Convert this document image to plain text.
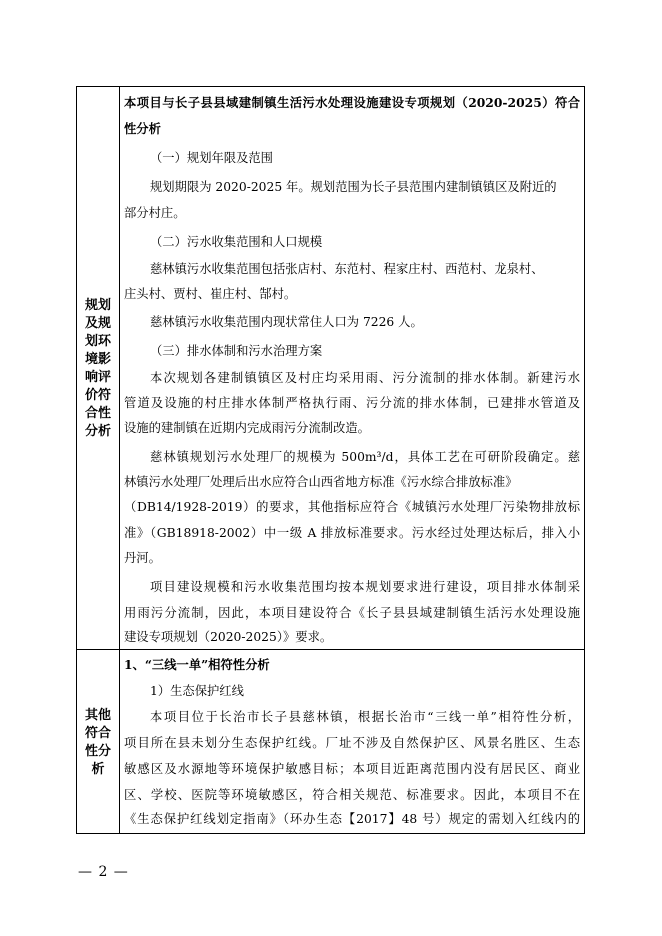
规划
及规
划环
境影
响评
价符
合性
分析
本项目与长子县县域建制镇生活污水处理设施建设专项规划（2020-2025）符合
性分析
（一）规划年限及范围
规划期限为 2020-2025 年。规划范围为长子县范围内建制镇镇区及附近的
部分村庄。
（二）污水收集范围和人口规模
慈林镇污水收集范围包括张店村、东范村、程家庄村、西范村、龙泉村、
庄头村、贾村、崔庄村、郜村。
慈林镇污水收集范围内现状常住人口为 7226 人。
（三）排水体制和污水治理方案
本次规划各建制镇镇区及村庄均采用雨、污分流制的排水体制。新建污水
管道及设施的村庄排水体制严格执行雨、污分流的排水体制，已建排水管道及
设施的建制镇在近期内完成雨污分流制改造。
慈林镇规划污水处理厂的规模为 500m³/d，具体工艺在可研阶段确定。慈
林镇污水处理厂处理后出水应符合山西省地方标准《污水综合排放标准》
（DB14/1928-2019）的要求，其他指标应符合《城镇污水处理厂污染物排放标
准》（GB18918-2002）中一级 A 排放标准要求。污水经过处理达标后，排入小
丹河。
项目建设规模和污水收集范围均按本规划要求进行建设，项目排水体制采
用雨污分流制，因此，本项目建设符合《长子县县域建制镇生活污水处理设施
建设专项规划（2020-2025）》要求。
其他
符合
性分
析
1、“三线一单”相符性分析
1）生态保护红线
本项目位于长治市长子县慈林镇，根据长治市“三线一单”相符性分析，
项目所在县未划分生态保护红线。厂址不涉及自然保护区、风景名胜区、生态
敏感区及水源地等环境保护敏感目标；本项目近距离范围内没有居民区、商业
区、学校、医院等环境敏感区，符合相关规范、标准要求。因此，本项目不在
《生态保护红线划定指南》（环办生态【2017】48 号）规定的需划入红线内的
— 2 —
